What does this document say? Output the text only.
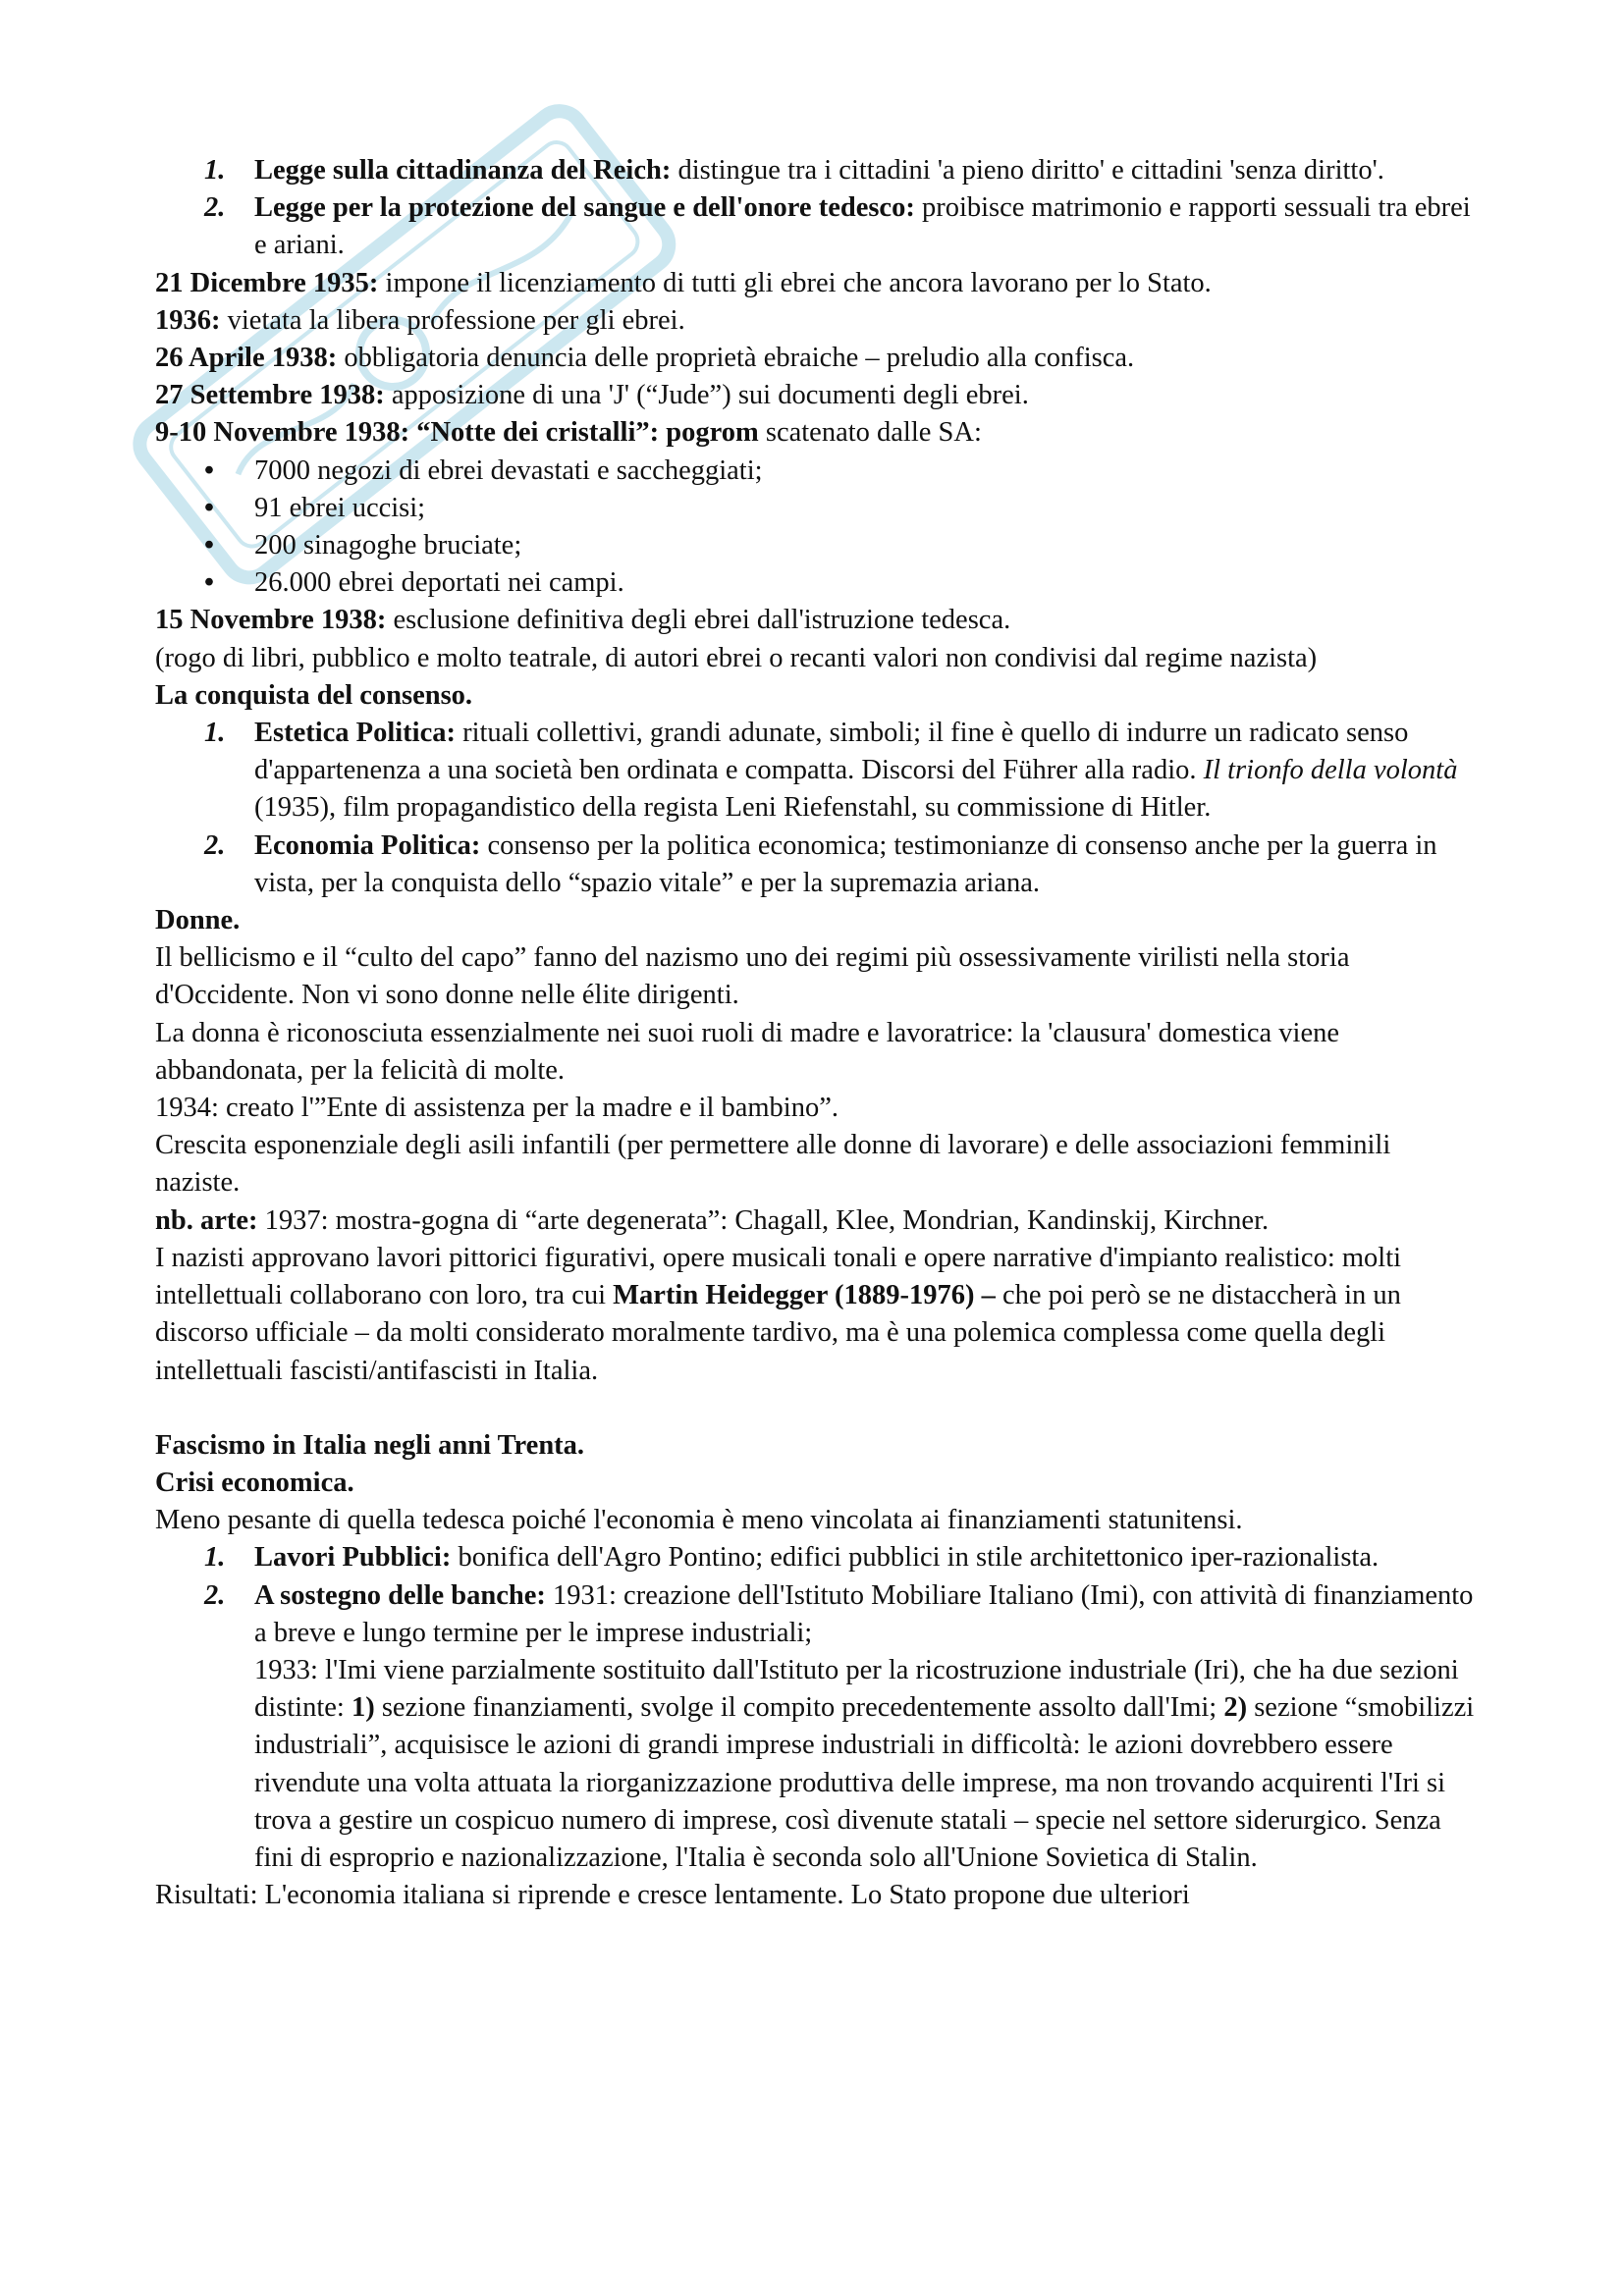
1. Legge sulla cittadinanza del Reich: distingue tra i cittadini 'a pieno diritto' e cittadini 'senza diritto'.

2. Legge per la protezione del sangue e dell'onore tedesco: proibisce matrimonio e rapporti sessuali tra ebrei e ariani.

21 Dicembre 1935: impone il licenziamento di tutti gli ebrei che ancora lavorano per lo Stato.

1936: vietata la libera professione per gli ebrei.

26 Aprile 1938: obbligatoria denuncia delle proprietà ebraiche – preludio alla confisca.

27 Settembre 1938: apposizione di una 'J' (“Jude”) sui documenti degli ebrei.

9-10 Novembre 1938: “Notte dei cristalli”: pogrom scatenato dalle SA:

• 7000 negozi di ebrei devastati e saccheggiati;

• 91 ebrei uccisi;

• 200 sinagoghe bruciate;

• 26.000 ebrei deportati nei campi.

15 Novembre 1938: esclusione definitiva degli ebrei dall'istruzione tedesca.

(rogo di libri, pubblico e molto teatrale, di autori ebrei o recanti valori non condivisi dal regime nazista)

La conquista del consenso.

1. Estetica Politica: rituali collettivi, grandi adunate, simboli; il fine è quello di indurre un radicato senso d'appartenenza a una società ben ordinata e compatta. Discorsi del Führer alla radio. Il trionfo della volontà (1935), film propagandistico della regista Leni Riefenstahl, su commissione di Hitler.

2. Economia Politica: consenso per la politica economica; testimonianze di consenso anche per la guerra in vista, per la conquista dello “spazio vitale” e per la supremazia ariana.

Donne.

Il bellicismo e il “culto del capo” fanno del nazismo uno dei regimi più ossessivamente virilisti nella storia d'Occidente. Non vi sono donne nelle élite dirigenti.

La donna è riconosciuta essenzialmente nei suoi ruoli di madre e lavoratrice: la 'clausura' domestica viene abbandonata, per la felicità di molte.

1934: creato l'”Ente di assistenza per la madre e il bambino”.

Crescita esponenziale degli asili infantili (per permettere alle donne di lavorare) e delle associazioni femminili naziste.

nb. arte: 1937: mostra-gogna di “arte degenerata”: Chagall, Klee, Mondrian, Kandinskij, Kirchner.

I nazisti approvano lavori pittorici figurativi, opere musicali tonali e opere narrative d'impianto realistico: molti intellettuali collaborano con loro, tra cui Martin Heidegger (1889-1976) – che poi però se ne distaccherà in un discorso ufficiale – da molti considerato moralmente tardivo, ma è una polemica complessa come quella degli intellettuali fascisti/antifascisti in Italia.

Fascismo in Italia negli anni Trenta.

Crisi economica.

Meno pesante di quella tedesca poiché l'economia è meno vincolata ai finanziamenti statunitensi.

1. Lavori Pubblici: bonifica dell'Agro Pontino; edifici pubblici in stile architettonico iper-razionalista.

2. A sostegno delle banche: 1931: creazione dell'Istituto Mobiliare Italiano (Imi), con attività di finanziamento a breve e lungo termine per le imprese industriali;

1933: l'Imi viene parzialmente sostituito dall'Istituto per la ricostruzione industriale (Iri), che ha due sezioni distinte: 1) sezione finanziamenti, svolge il compito precedentemente assolto dall'Imi; 2) sezione “smobilizzi industriali”, acquisisce le azioni di grandi imprese industriali in difficoltà: le azioni dovrebbero essere rivendute una volta attuata la riorganizzazione produttiva delle imprese, ma non trovando acquirenti l'Iri si trova a gestire un cospicuo numero di imprese, così divenute statali – specie nel settore siderurgico. Senza fini di esproprio e nazionalizzazione, l'Italia è seconda solo all'Unione Sovietica di Stalin.

Risultati: L'economia italiana si riprende e cresce lentamente. Lo Stato propone due ulteriori
